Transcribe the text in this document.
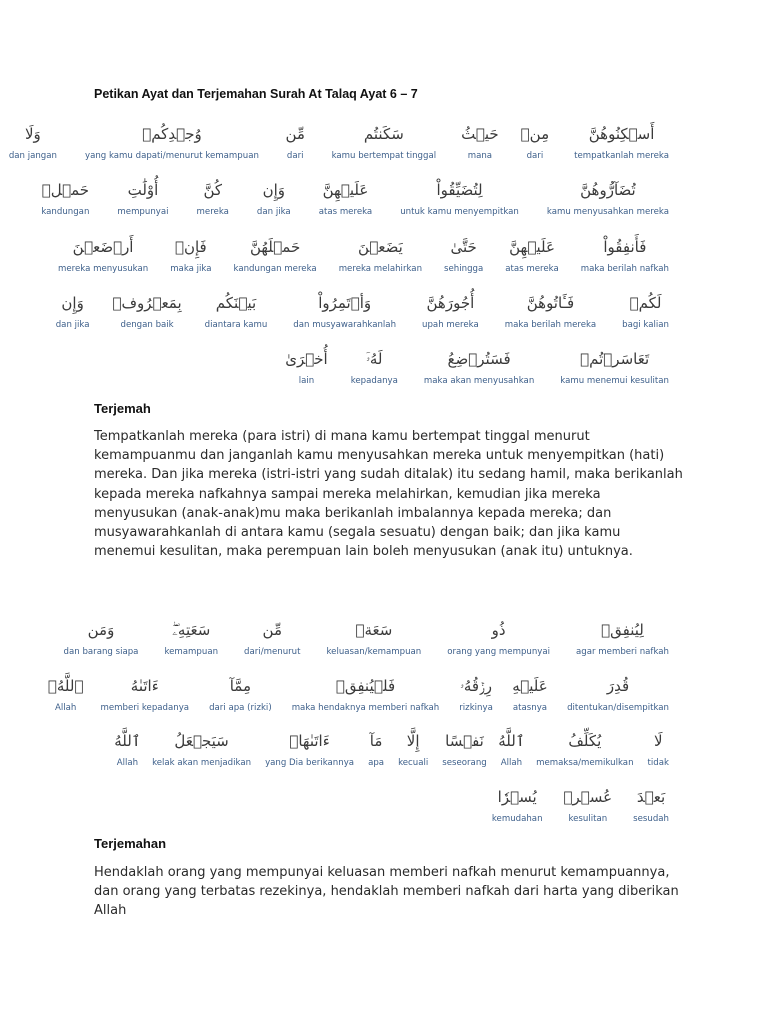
Petikan Ayat dan Terjemahan Surah At Talaq Ayat 6 – 7
أَسۡكِنُوهُنَّ
tempatkanlah mereka
مِنۡ
dari
حَيۡثُ
mana
سَكَنتُم
kamu bertempat tinggal
مِّن
dari
وُجۡدِكُمۡ
yang kamu dapati/menurut kemampuan
وَلَا
dan jangan
تُضَآرُّوهُنَّ
kamu menyusahkan mereka
لِتُضَيِّقُواْ
untuk kamu menyempitkan
عَلَيۡهِنَّ
atas mereka
وَإِن
dan jika
كُنَّ
mereka
أُوْلَٰتِ
mempunyai
حَمۡلٖ
kandungan
فَأَنفِقُواْ
maka berilah nafkah
عَلَيۡهِنَّ
atas mereka
حَتَّىٰ
sehingga
يَضَعۡنَ
mereka melahirkan
حَمۡلَهُنَّ
kandungan mereka
فَإِنۡ
maka jika
أَرۡضَعۡنَ
mereka menyusukan
لَكُمۡ
bagi kalian
فَـَٔاتُوهُنَّ
maka berilah mereka
أُجُورَهُنَّ
upah mereka
وَأۡتَمِرُواْ
dan musyawarahkanlah
بَيۡنَكُم
diantara kamu
بِمَعۡرُوفٖ
dengan baik
وَإِن
dan jika
تَعَاسَرۡتُمۡ
kamu menemui kesulitan
فَسَتُرۡضِعُ
maka akan menyusahkan
لَهُۥٓ
kepadanya
أُخۡرَىٰ
lain
Terjemah
Tempatkanlah mereka (para istri) di mana kamu bertempat tinggal menurut kemampuanmu dan janganlah kamu menyusahkan mereka untuk menyempitkan (hati) mereka. Dan jika mereka (istri-istri yang sudah ditalak) itu sedang hamil, maka berikanlah kepada mereka nafkahnya sampai mereka melahirkan, kemudian jika mereka menyusukan (anak-anak)mu maka berikanlah imbalannya kepada mereka; dan musyawarahkanlah di antara kamu (segala sesuatu) dengan baik; dan jika kamu menemui kesulitan, maka perempuan lain boleh menyusukan (anak itu) untuknya.
لِيُنفِقۡ
agar memberi nafkah
ذُو
orang yang mempunyai
سَعَةٖ
keluasan/kemampuan
مِّن
dari/menurut
سَعَتِهِۦۖ
kemampuan
وَمَن
dan barang siapa
قُدِرَ
ditentukan/disempitkan
عَلَيۡهِ
atasnya
رِزۡقُهُۥ
rizkinya
فَلۡيُنفِقۡ
maka hendaknya memberi nafkah
مِمَّآ
dari apa (rizki)
ءَاتَىٰهُ
memberi kepadanya
ٱللَّهُۚ
Allah
لَا
tidak
يُكَلِّفُ
memaksa/memikulkan
ٱللَّهُ
Allah
نَفۡسًا
seseorang
إِلَّا
kecuali
مَآ
apa
ءَاتَىٰهَاۚ
yang Dia berikannya
سَيَجۡعَلُ
kelak akan menjadikan
ٱللَّهُ
Allah
بَعۡدَ
sesudah
عُسۡرٖ
kesulitan
يُسۡرٗا
kemudahan
Terjemahan
Hendaklah orang yang mempunyai keluasan memberi nafkah menurut kemampuannya, dan orang yang terbatas rezekinya, hendaklah memberi nafkah dari harta yang diberikan Allah
